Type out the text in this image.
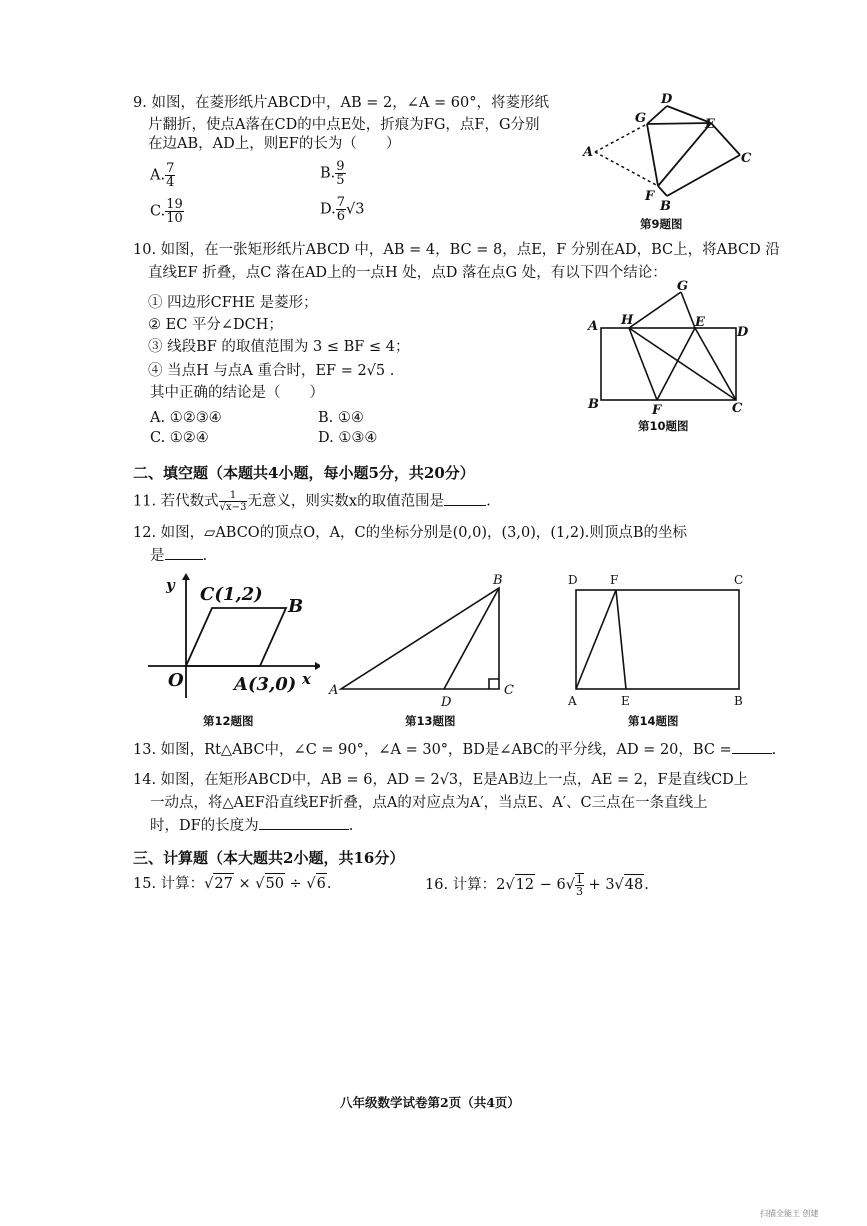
9. 如图，在菱形纸片ABCD中，AB = 2，∠A = 60°，将菱形纸
片翻折，使点A落在CD的中点E处，折痕为FG，点F，G分别
在边AB，AD上，则EF的长为（　　）
A. $\frac{7}{4}$	B. $\frac{9}{5}$
C. $\frac{19}{10}$	D. $\frac{7}{6} √3$
A
D
G	E
C
F
B
第9题图
10. 如图，在一张矩形纸片ABCD 中，AB = 4，BC = 8，点E，F 分别在AD，BC上，将ABCD 沿
直线EF 折叠，点C 落在AD上的一点H 处，点D 落在点G 处，有以下四个结论：
① 四边形CFHE 是菱形；
② EC 平分∠DCH；
③ 线段BF 的取值范围为 3 ≤ BF ≤ 4；
④ 当点H 与点A 重合时，EF = 2√5 .
其中正确的结论是（　　）
A. ①②③④	B. ①④
C. ①②④	D. ①③④
A H
G
E
D
B	F	C
第10题图
二、填空题（本题共4小题，每小题5分，共20分）
11. 若代数式 $\frac{1}{√x-3}$ 无意义，则实数x的取值范围是	.
12. 如图，▱ABCO的顶点O，A，C的坐标分别是(0,0)，(3,0)，(1,2).则顶点B的坐标
是	.
y
x
O
C(1,2)
B
A(3,0)
第12题图
A
B
C
D
第13题图
D	F	C
A	E	B
第14题图
13. 如图，Rt△ABC中，∠C = 90°，∠A = 30°，BD是∠ABC的平分线，AD = 20，BC =	.
14. 如图，在矩形ABCD中，AB = 6，AD = 2√3，E是AB边上一点，AE = 2，F是直线CD上
一动点，将△AEF沿直线EF折叠，点A的对应点为A′，当点E、A′、C三点在一条直线上
时，DF的长度为	.
三、计算题（本大题共2小题，共16分）
15. 计算：√27 × √50 ÷ √6.	16. 计算：$2√12 - 6√ \frac{1}{3} + 3√48$.
八年级数学试卷第2页（共4页）
扫描全能王 创建
